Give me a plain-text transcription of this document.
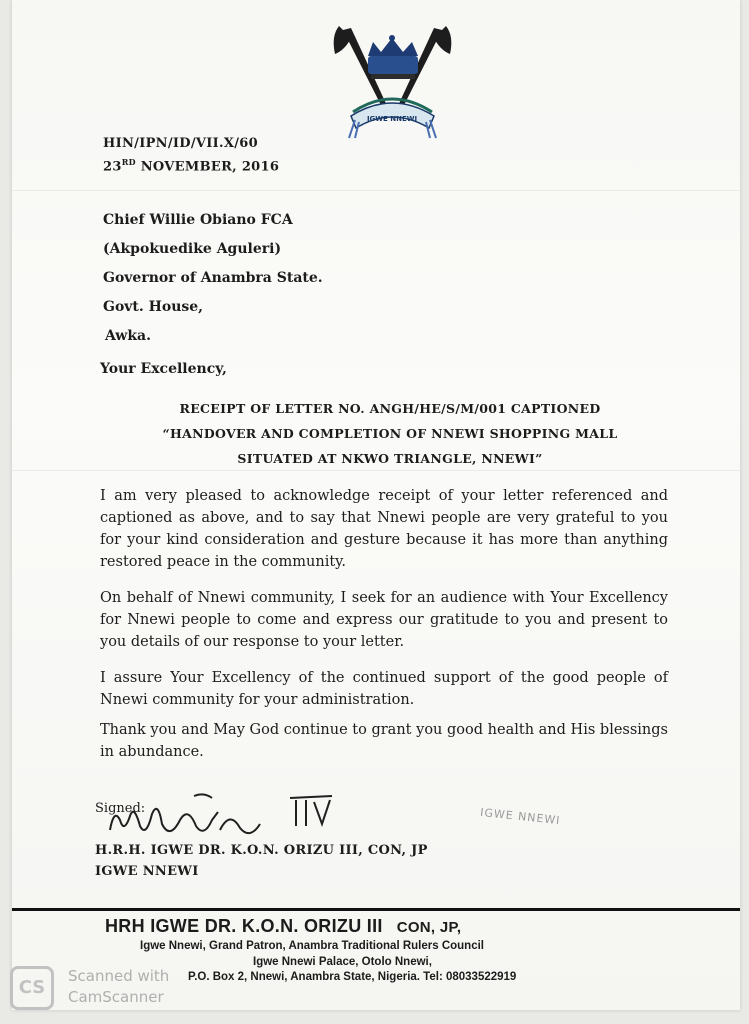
IGWE NNEWI
HIN/IPN/ID/VII.X/60
23RD NOVEMBER, 2016
Chief Willie Obiano FCA
(Akpokuedike Aguleri)
Governor of Anambra State.
Govt. House,
Awka.
Your Excellency,
RECEIPT OF LETTER NO. ANGH/HE/S/M/001 CAPTIONED
“HANDOVER AND COMPLETION OF NNEWI SHOPPING MALL
SITUATED AT NKWO TRIANGLE, NNEWI”

I am very pleased to acknowledge receipt of your letter referenced and captioned as above, and to say that Nnewi people are very grateful to you for your kind consideration and gesture because it has more than anything restored peace in the community.

On behalf of Nnewi community, I seek for an audience with Your Excellency for Nnewi people to come and express our gratitude to you and present to you details of our response to your letter.

I assure Your Excellency of the continued support of the good people of Nnewi community for your administration.

Thank you and May God continue to grant you good health and His blessings in abundance.

Signed:	IGWE NNEWI
H.R.H. IGWE DR. K.O.N. ORIZU III, CON, JP
IGWE NNEWI
HRH IGWE DR. K.O.N. ORIZU III CON, JP,
Igwe Nnewi, Grand Patron, Anambra Traditional Rulers Council
Igwe Nnewi Palace, Otolo Nnewi,
P.O. Box 2, Nnewi, Anambra State, Nigeria. Tel: 08033522919
CS
Scanned with
CamScanner
